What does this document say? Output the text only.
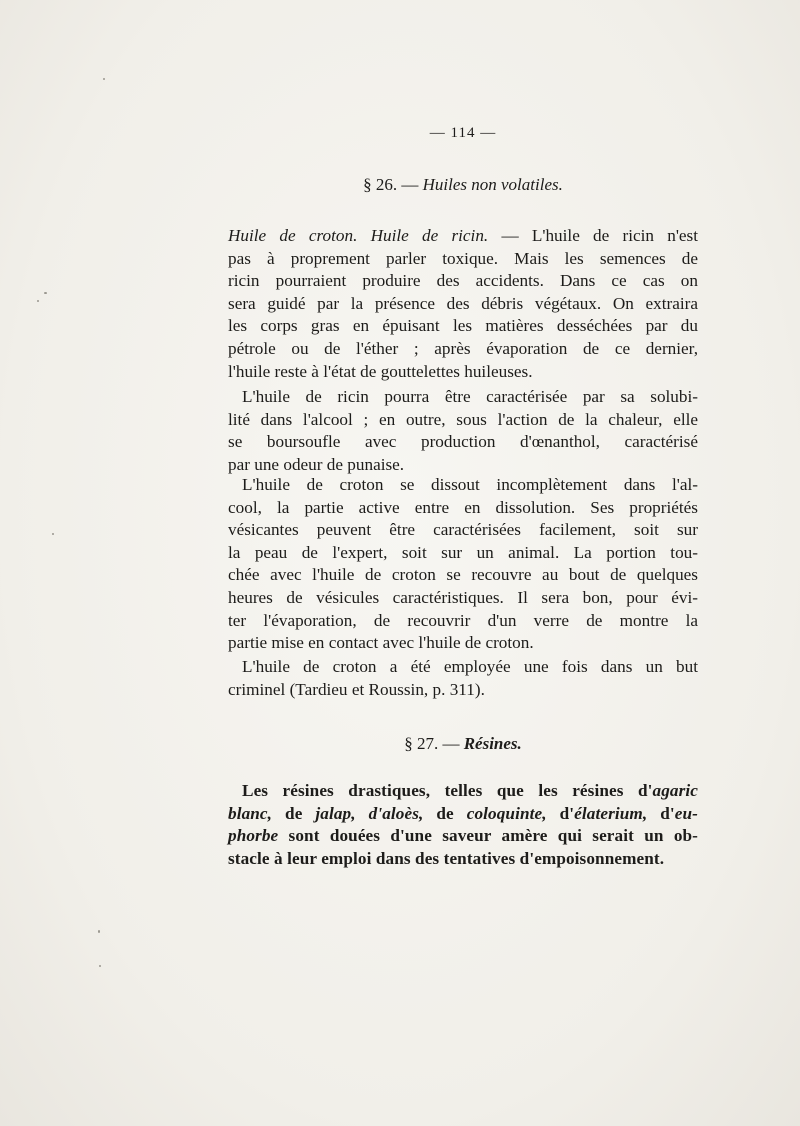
— 114 —
§ 26. — Huiles non volatiles.
Huile de croton. Huile de ricin. — L'huile de ricin n'est
pas à proprement parler toxique. Mais les semences de
ricin pourraient produire des accidents. Dans ce cas on
sera guidé par la présence des débris végétaux. On extraira
les corps gras en épuisant les matières desséchées par du
pétrole ou de l'éther ; après évaporation de ce dernier,
l'huile reste à l'état de gouttelettes huileuses.
L'huile de ricin pourra être caractérisée par sa solubi-
lité dans l'alcool ; en outre, sous l'action de la chaleur, elle
se boursoufle avec production d'œnanthol, caractérisé
par une odeur de punaise.
L'huile de croton se dissout incomplètement dans l'al-
cool, la partie active entre en dissolution. Ses propriétés
vésicantes peuvent être caractérisées facilement, soit sur
la peau de l'expert, soit sur un animal. La portion tou-
chée avec l'huile de croton se recouvre au bout de quelques
heures de vésicules caractéristiques. Il sera bon, pour évi-
ter l'évaporation, de recouvrir d'un verre de montre la
partie mise en contact avec l'huile de croton.
L'huile de croton a été employée une fois dans un but
criminel (Tardieu et Roussin, p. 311).
§ 27. — Résines.
Les résines drastiques, telles que les résines d'agaric
blanc, de jalap, d'aloès, de coloquinte, d'élaterium, d'eu-
phorbe sont douées d'une saveur amère qui serait un ob-
stacle à leur emploi dans des tentatives d'empoisonnement.
